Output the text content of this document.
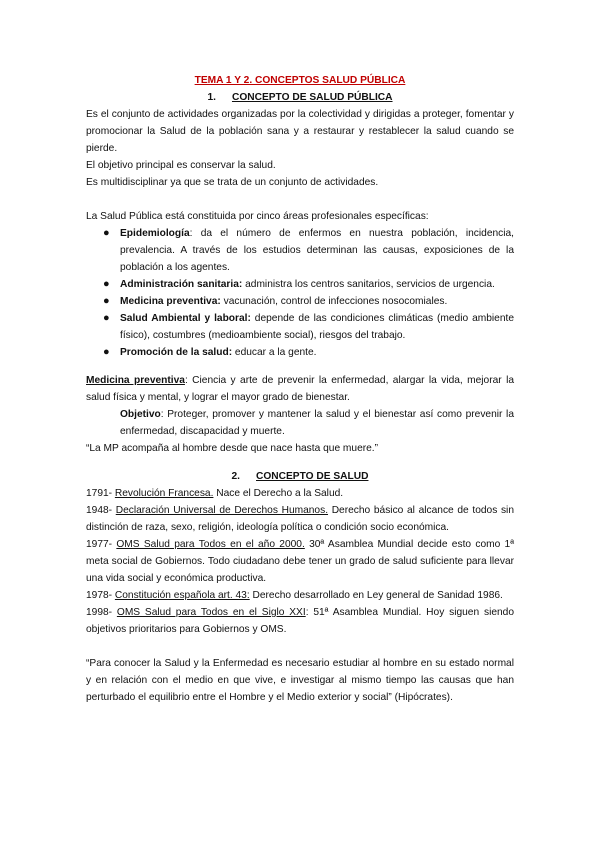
TEMA 1 Y 2. CONCEPTOS SALUD PÚBLICA

1. CONCEPTO DE SALUD PÚBLICA

Es el conjunto de actividades organizadas por la colectividad y dirigidas a proteger, fomentar y promocionar la Salud de la población sana y a restaurar y restablecer la salud cuando se pierde.

El objetivo principal es conservar la salud.

Es multidisciplinar ya que se trata de un conjunto de actividades.

La Salud Pública está constituida por cinco áreas profesionales específicas:

● Epidemiología: da el número de enfermos en nuestra población, incidencia, prevalencia. A través de los estudios determinan las causas, exposiciones de la población a los agentes.
● Administración sanitaria: administra los centros sanitarios, servicios de urgencia.
● Medicina preventiva: vacunación, control de infecciones nosocomiales.
● Salud Ambiental y laboral: depende de las condiciones climáticas (medio ambiente físico), costumbres (medioambiente social), riesgos del trabajo.
● Promoción de la salud: educar a la gente.

Medicina preventiva: Ciencia y arte de prevenir la enfermedad, alargar la vida, mejorar la salud física y mental, y lograr el mayor grado de bienestar.

Objetivo: Proteger, promover y mantener la salud y el bienestar así como prevenir la enfermedad, discapacidad y muerte.

“La MP acompaña al hombre desde que nace hasta que muere.”

2. CONCEPTO DE SALUD

1791- Revolución Francesa. Nace el Derecho a la Salud.

1948- Declaración Universal de Derechos Humanos. Derecho básico al alcance de todos sin distinción de raza, sexo, religión, ideología política o condición socio económica.

1977- OMS Salud para Todos en el año 2000. 30ª Asamblea Mundial decide esto como 1ª meta social de Gobiernos. Todo ciudadano debe tener un grado de salud suficiente para llevar una vida social y económica productiva.

1978- Constitución española art. 43: Derecho desarrollado en Ley general de Sanidad 1986.

1998- OMS Salud para Todos en el Siglo XXI: 51ª Asamblea Mundial. Hoy siguen siendo objetivos prioritarios para Gobiernos y OMS.

“Para conocer la Salud y la Enfermedad es necesario estudiar al hombre en su estado normal y en relación con el medio en que vive, e investigar al mismo tiempo las causas que han perturbado el equilibrio entre el Hombre y el Medio exterior y social” (Hipócrates).
